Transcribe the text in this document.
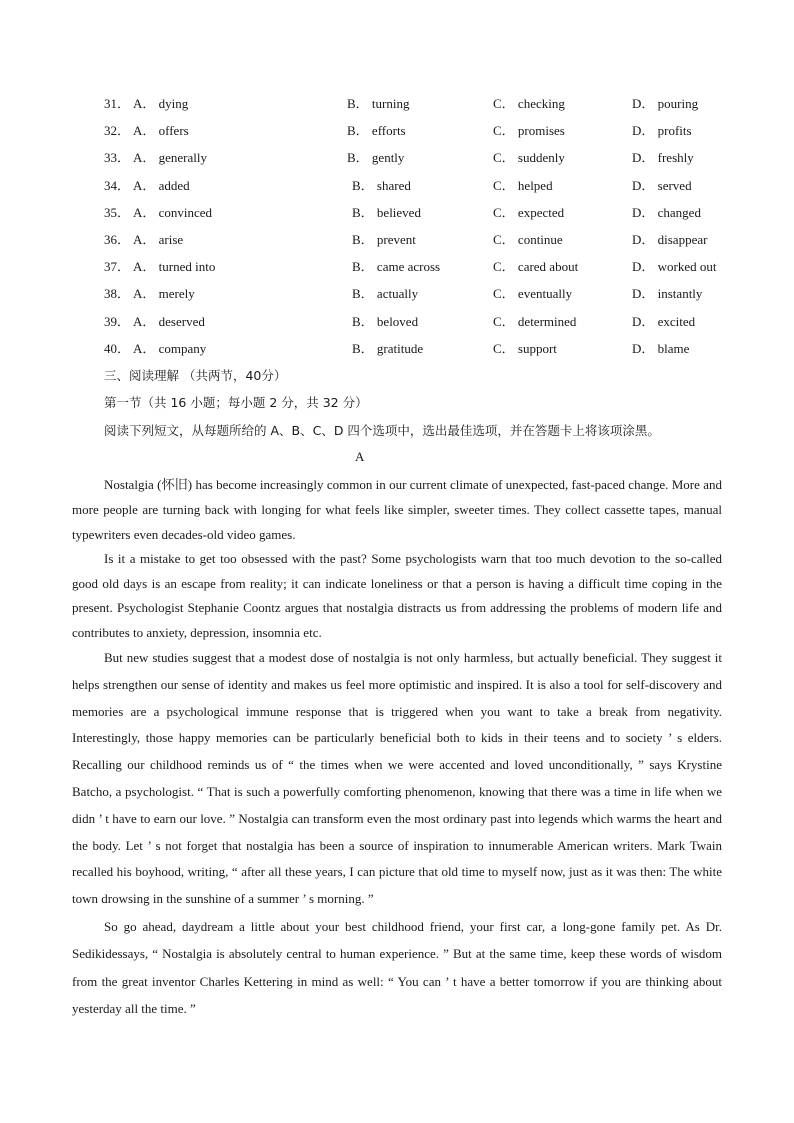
31． A． dying	B． turning	C． checking	D． pouring
32． A． offers	B． efforts	C． promises	D． profits
33． A． generally	B． gently	C． suddenly	D． freshly
34． A． added	B． shared	C． helped	D． served
35． A． convinced	B． believed	C． expected	D． changed
36． A． arise	B． prevent	C． continue	D． disappear
37． A． turned into	B． came across	C． cared about	D． worked out
38． A． merely	B． actually	C． eventually	D． instantly
39． A． deserved	B． beloved	C． determined	D． excited
40． A． company	B． gratitude	C． support	D． blame
三、阅读理解 （共两节，40分）
第一节（共 16 小题；每小题 2 分，共 32 分）
阅读下列短文，从每题所给的 A、B、C、D 四个选项中，选出最佳选项，并在答题卡上将该项涂黑。
A

Nostalgia (怀旧) has become increasingly common in our current climate of unexpected, fast-paced change. More and more people are turning back with longing for what feels like simpler, sweeter times. They collect cassette tapes, manual typewriters even decades-old video games.

Is it a mistake to get too obsessed with the past? Some psychologists warn that too much devotion to the so-called good old days is an escape from reality; it can indicate loneliness or that a person is having a difficult time coping in the present. Psychologist Stephanie Coontz argues that nostalgia distracts us from addressing the problems of modern life and contributes to anxiety, depression, insomnia etc.

But new studies suggest that a modest dose of nostalgia is not only harmless, but actually beneficial. They suggest it helps strengthen our sense of identity and makes us feel more optimistic and inspired. It is also a tool for self-discovery and memories are a psychological immune response that is triggered when you want to take a break from negativity. Interestingly, those happy memories can be particularly beneficial both to kids in their teens and to society ’ s elders. Recalling our childhood reminds us of “ the times when we were accented and loved unconditionally, ” says Krystine Batcho, a psychologist. “ That is such a powerfully comforting phenomenon, knowing that there was a time in life when we didn ’ t have to earn our love. ” Nostalgia can transform even the most ordinary past into legends which warms the heart and the body. Let ’ s not forget that nostalgia has been a source of inspiration to innumerable American writers. Mark Twain recalled his boyhood, writing, “ after all these years, I can picture that old time to myself now, just as it was then: The white town drowsing in the sunshine of a summer ’ s morning. ”

So go ahead, daydream a little about your best childhood friend, your first car, a long-gone family pet. As Dr. Sedikidessays, “ Nostalgia is absolutely central to human experience. ” But at the same time, keep these words of wisdom from the great inventor Charles Kettering in mind as well: “ You can ’ t have a better tomorrow if you are thinking about yesterday all the time. ”
